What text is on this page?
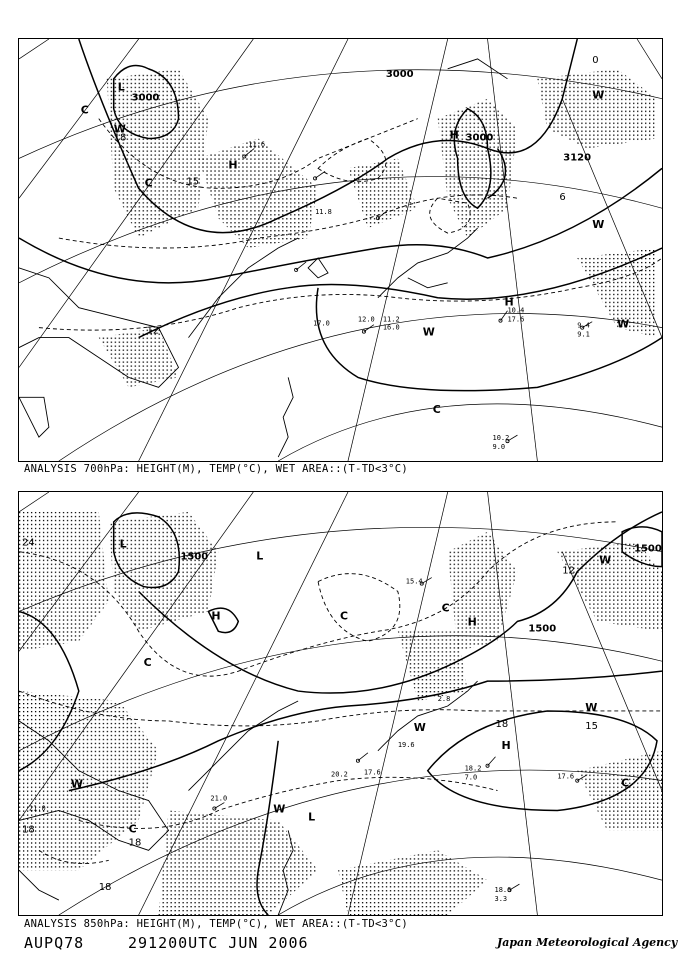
3000
3000
3000
3120
L
H
H
C
H
W
W
W
W
C
C
W
18
15
12
6
0
11.6
11.8
10.4
17.6
9.4
9.1
10.2
9.0
11.2
16.0
12.0
17.0
ANALYSIS 700hPa: HEIGHT(M), TEMP(°C), WET AREA::(T-TD<3°C)
1500
1500
1500
L
L
H	H
C
C
C
W
W
W
W
W
H
C
C
L
24
18
18
18	15
12
18
20.2 17.6	18.2
7.0	17.6
18.6
3.3
21.0
15.4
19.6
2.8
21.0
ANALYSIS 850hPa: HEIGHT(M), TEMP(°C), WET AREA::(T-TD<3°C)
AUPQ78	291200UTC JUN 2006	Japan Meteorological Agency
